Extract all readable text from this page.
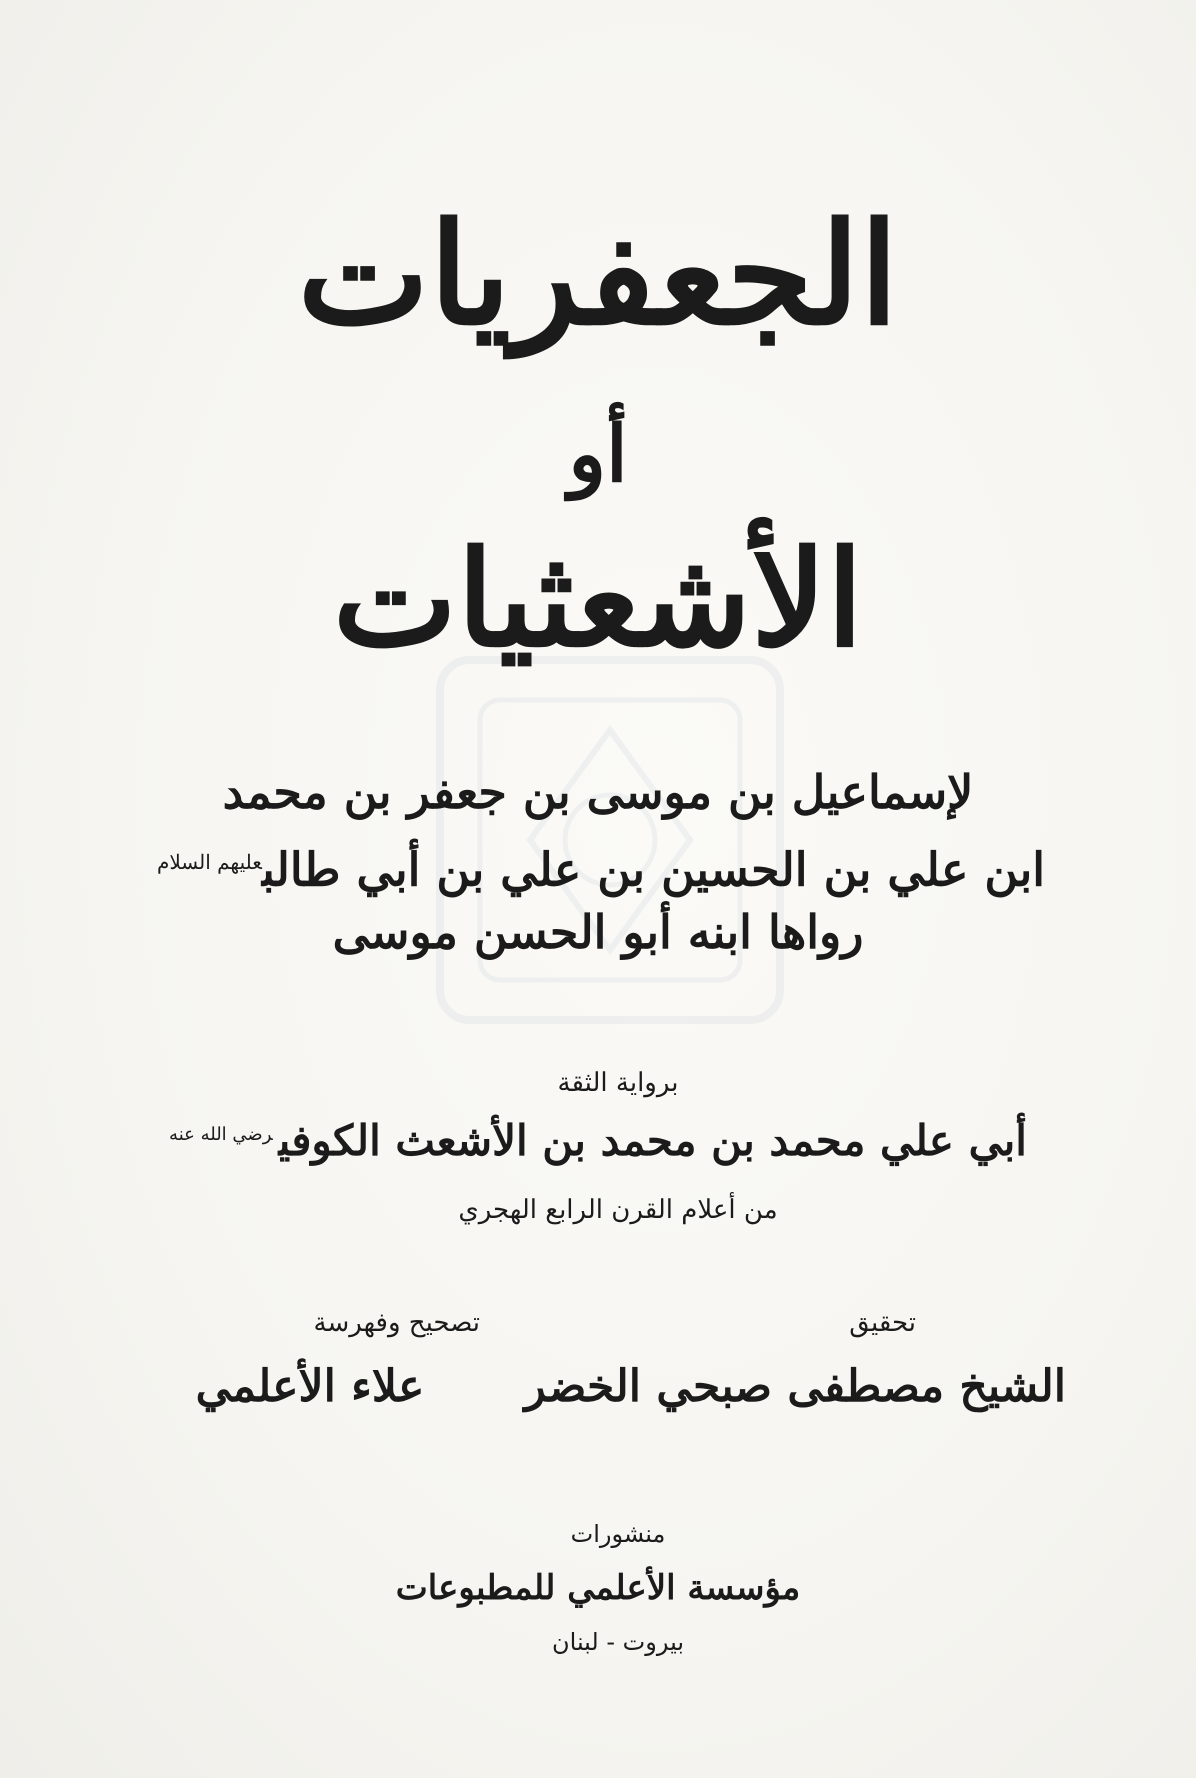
الجعفريات
أو
الأشعثيات
لإسماعيل بن موسى بن جعفر بن محمد
ابن علي بن الحسين بن علي بن أبي طالب$^{عليهم السلام}$
رواها ابنه أبو الحسن موسى
برواية الثقة
أبي علي محمد بن محمد بن الأشعث الكوفي$^{رضي الله عنه}$
من أعلام القرن الرابع الهجري
تحقيق
الشيخ مصطفى صبحي الخضر
تصحيح وفهرسة
علاء الأعلمي
منشورات
مؤسسة الأعلمي للمطبوعات
بيروت - لبنان
